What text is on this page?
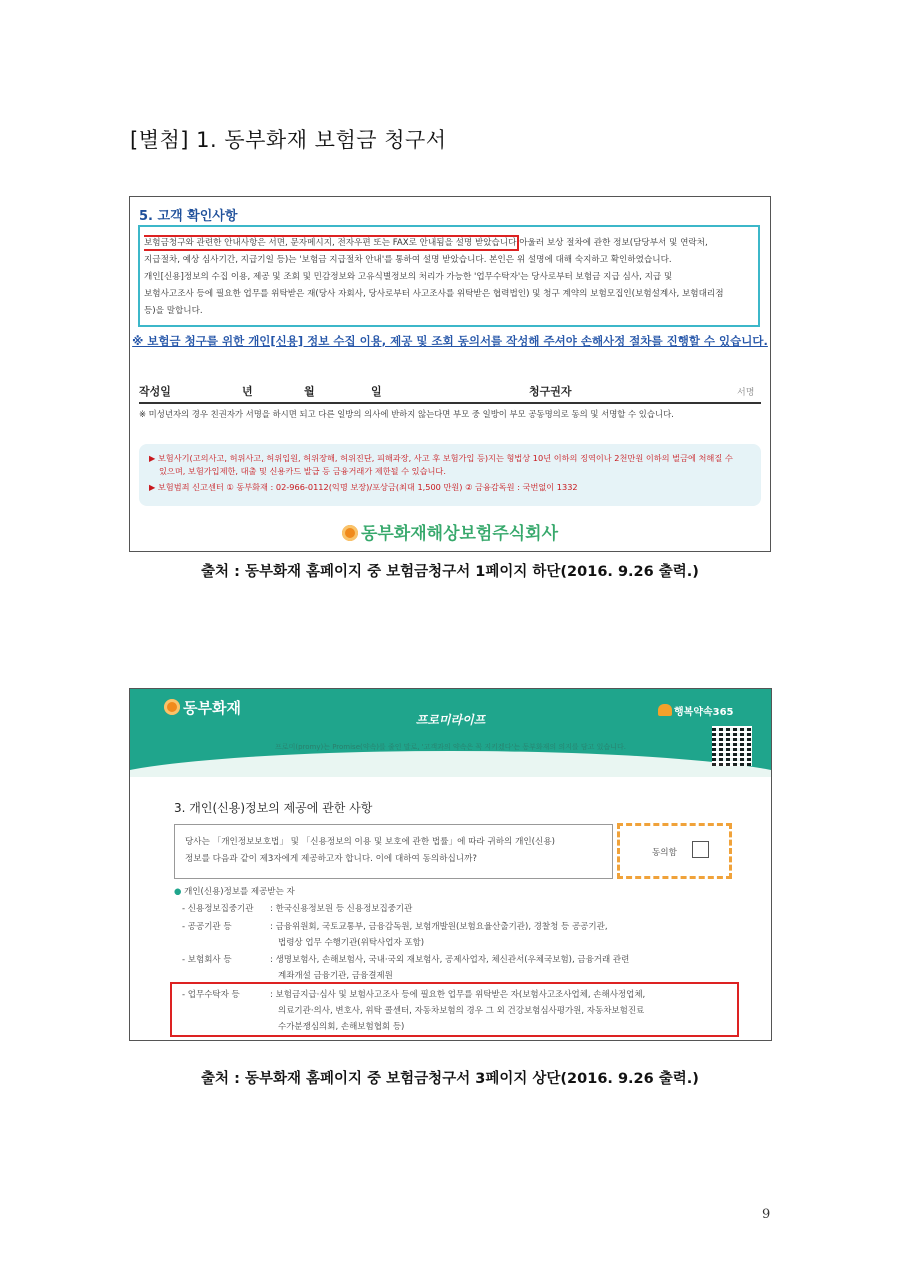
[별첨] 1. 동부화재 보험금 청구서
5. 고객 확인사항
보험금청구와 관련한 안내사항은 서면, 문자메시지, 전자우편 또는 FAX로 안내됨을 설명 받았습니다 아울러 보상 절차에 관한 정보(담당부서 및 연락처,
지급절차, 예상 심사기간, 지급기일 등)는 '보험금 지급절차 안내'를 통하여 설명 받았습니다. 본인은 위 설명에 대해 숙지하고 확인하였습니다.
개인[신용]정보의 수집 이용, 제공 및 조회 및 민감정보와 고유식별정보의 처리가 가능한 '업무수탁자'는 당사로부터 보험금 지급 심사, 지급 및
보험사고조사 등에 필요한 업무를 위탁받은 재(당사 자회사, 당사로부터 사고조사를 위탁받은 협력법인) 및 청구 계약의 보험모집인(보험설계사, 보험대리점
등)을 말합니다.
※ 보험금 청구를 위한 개인[신용] 정보 수집 이용, 제공 및 조회 동의서를 작성해 주셔야 손해사정 절차를 진행할 수 있습니다.
작성일	년	월	일	청구권자	서명
※ 미성년자의 경우 친권자가 서명을 하시면 되고 다른 일방의 의사에 반하지 않는다면 부모 중 일방이 부모 공동명의로 동의 및 서명할 수 있습니다.
▶ 보험사기(고의사고, 허위사고, 허위입원, 허위장해, 허위진단, 피해과장, 사고 후 보험가입 등)지는 형법상 10년 이하의 징역이나 2천만원 이하의 벌금에 처해질 수
있으며, 보험가입제한, 대출 및 신용카드 발급 등 금융거래가 제한될 수 있습니다.
▶ 보험범죄 신고센터 ① 동부화재 : 02-966-0112(익명 보장)/포상금(최대 1,500 만원) ② 금융감독원 : 국번없이 1332
동부화재해상보험주식회사
출처 : 동부화재 홈페이지 중 보험금청구서 1페이지 하단(2016. 9.26 출력.)
동부화재
프로미라이프
프로미(promy)는 Promise(약속)를 줄인 말로, '고객과의 약속은 꼭 지키겠다'는 동부화재의 의지를 담고 있습니다.
행복약속365
3. 개인(신용)정보의 제공에 관한 사항
당사는 「개인정보보호법」 및 「신용정보의 이용 및 보호에 관한 법률」에 따라 귀하의 개인(신용)
정보를 다음과 같이 제3자에게 제공하고자 합니다. 이에 대하여 동의하십니까?
동의함
● 개인(신용)정보를 제공받는 자
- 신용정보집중기관 : 한국신용정보원 등 신용정보집중기관
- 공공기관 등	: 금융위원회, 국토교통부, 금융감독원, 보험개발원(보험요율산출기관), 경찰청 등 공공기관,
법령상 업무 수행기관(위탁사업자 포함)
- 보험회사 등	: 생명보험사, 손해보험사, 국내·국외 재보험사, 공제사업자, 체신관서(우체국보험), 금융거래 관련
계좌개설 금융기관, 금융결제원
- 업무수탁자 등	: 보험금지급·심사 및 보험사고조사 등에 필요한 업무를 위탁받은 자(보험사고조사업체, 손해사정업체,
의료기관·의사, 변호사, 위탁 콜센터, 자동차보험의 경우 그 외 건강보험심사평가원, 자동차보험진료
수가분쟁심의회, 손해보험협회 등)
출처 : 동부화재 홈페이지 중 보험금청구서 3페이지 상단(2016. 9.26 출력.)
9
